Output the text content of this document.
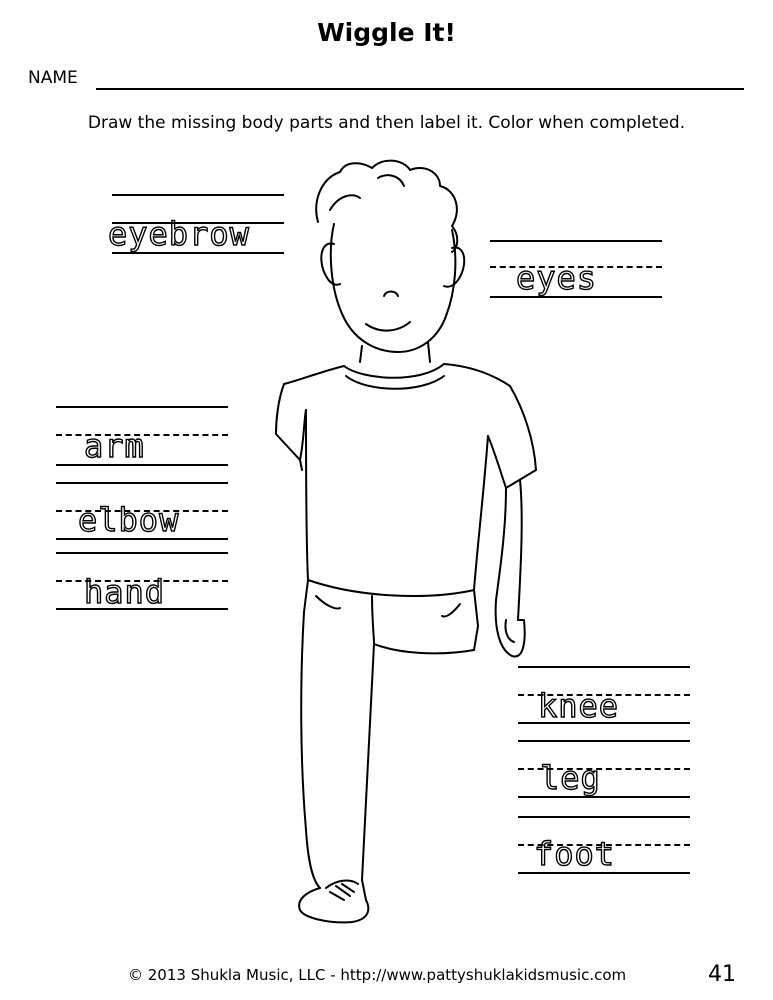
Wiggle It!
NAME
Draw the missing body parts and then label it. Color when completed.
eyebrow
eyes
arm
elbow
hand
knee
leg
foot
© 2013 Shukla Music, LLC - http://www.pattyshuklakidsmusic.com	41
